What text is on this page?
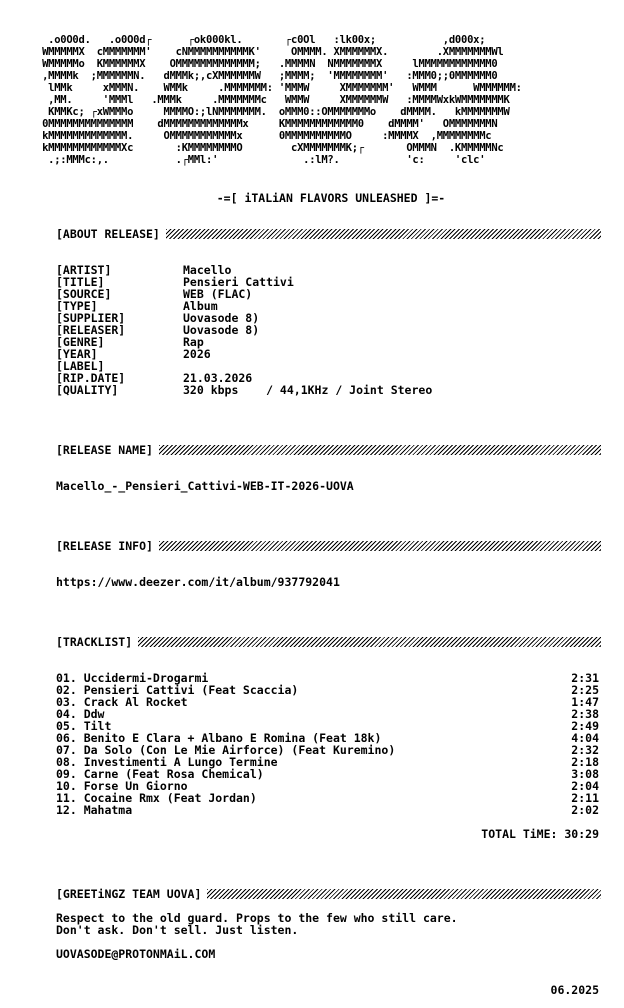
.o0O0d.   .o0O0d┌      ┌ok000kl.       ┌c0Ol   :lk00x;           ,d000x;
WMMMMMX  cMMMMMMM'    cNMMMMMMMMMMK'     OMMMM. XMMMMMMX.        .XMMMMMMMWl
WMMMMMo  KMMMMMMX    OMMMMMMMMMMMMM;   .MMMMN  NMMMMMMMX     lMMMMMMMMMMMM0
,MMMMk  ;MMMMMMN.   dMMMk;,cXMMMMMMW   ;MMMM;  'MMMMMMMM'   :MMM0;;0MMMMMM0
lMMk     xMMMN.    WMMk     .MMMMMMM: 'MMMW     XMMMMMMM'   WMMM      WMMMMMM:
,MM.     'MMMl   .MMMk     .MMMMMMMc   WMMW     XMMMMMMW   :MMMMWxkWMMMMMMMK
KMMKc; ┌xWMMMo     MMMMO:;lNMMMMMMM.  oMMM0::OMMMMMMMo    dMMMM.   kMMMMMMMW
0MMMMMMMMMMMMMM    dMMMMMMMMMMMMMx     KMMMMMMMMMMMM0    dMMMM'   OMMMMMMMN
kMMMMMMMMMMMMM.     OMMMMMMMMMMMx      0MMMMMMMMMMO     :MMMMX  ,MMMMMMMMc
kMMMMMMMMMMMMXc       :KMMMMMMMMO        cXMMMMMMMK;┌       OMMMN  .KMMMMMNc
.;:MMMc:,.           .┌MMl:'              .:lM?.           'c:     'clc'
-=[ iTALiAN FLAVORS UNLEASHED ]=-
[ABOUT RELEASE]
[ARTIST]	Macello
[TITLE]	Pensieri Cattivi
[SOURCE]	WEB (FLAC)
[TYPE]	Album
[SUPPLIER]	Uovasode 8)
[RELEASER]	Uovasode 8)
[GENRE]	Rap
[YEAR]	2026
[LABEL]
[RIP.DATE]	21.03.2026
[QUALITY]	320 kbps    / 44,1KHz / Joint Stereo
[RELEASE NAME]
Macello_-_Pensieri_Cattivi-WEB-IT-2026-UOVA
[RELEASE INFO]
https://www.deezer.com/it/album/937792041
[TRACKLIST]
01. Uccidermi-Drogarmi	2:31
02. Pensieri Cattivi (Feat Scaccia)	2:25
03. Crack Al Rocket	1:47
04. Ddw	2:38
05. Tilt	2:49
06. Benito E Clara + Albano E Romina (Feat 18k)	4:04
07. Da Solo (Con Le Mie Airforce) (Feat Kuremino)	2:32
08. Investimenti A Lungo Termine	2:18
09. Carne (Feat Rosa Chemical)	3:08
10. Forse Un Giorno	2:04
11. Cocaine Rmx (Feat Jordan)	2:11
12. Mahatma	2:02
TOTAL TiME: 30:29
[GREETiNGZ TEAM UOVA]
Respect to the old guard. Props to the few who still care.
Don't ask. Don't sell. Just listen.
UOVASODE@PROTONMAiL.COM
06.2025
